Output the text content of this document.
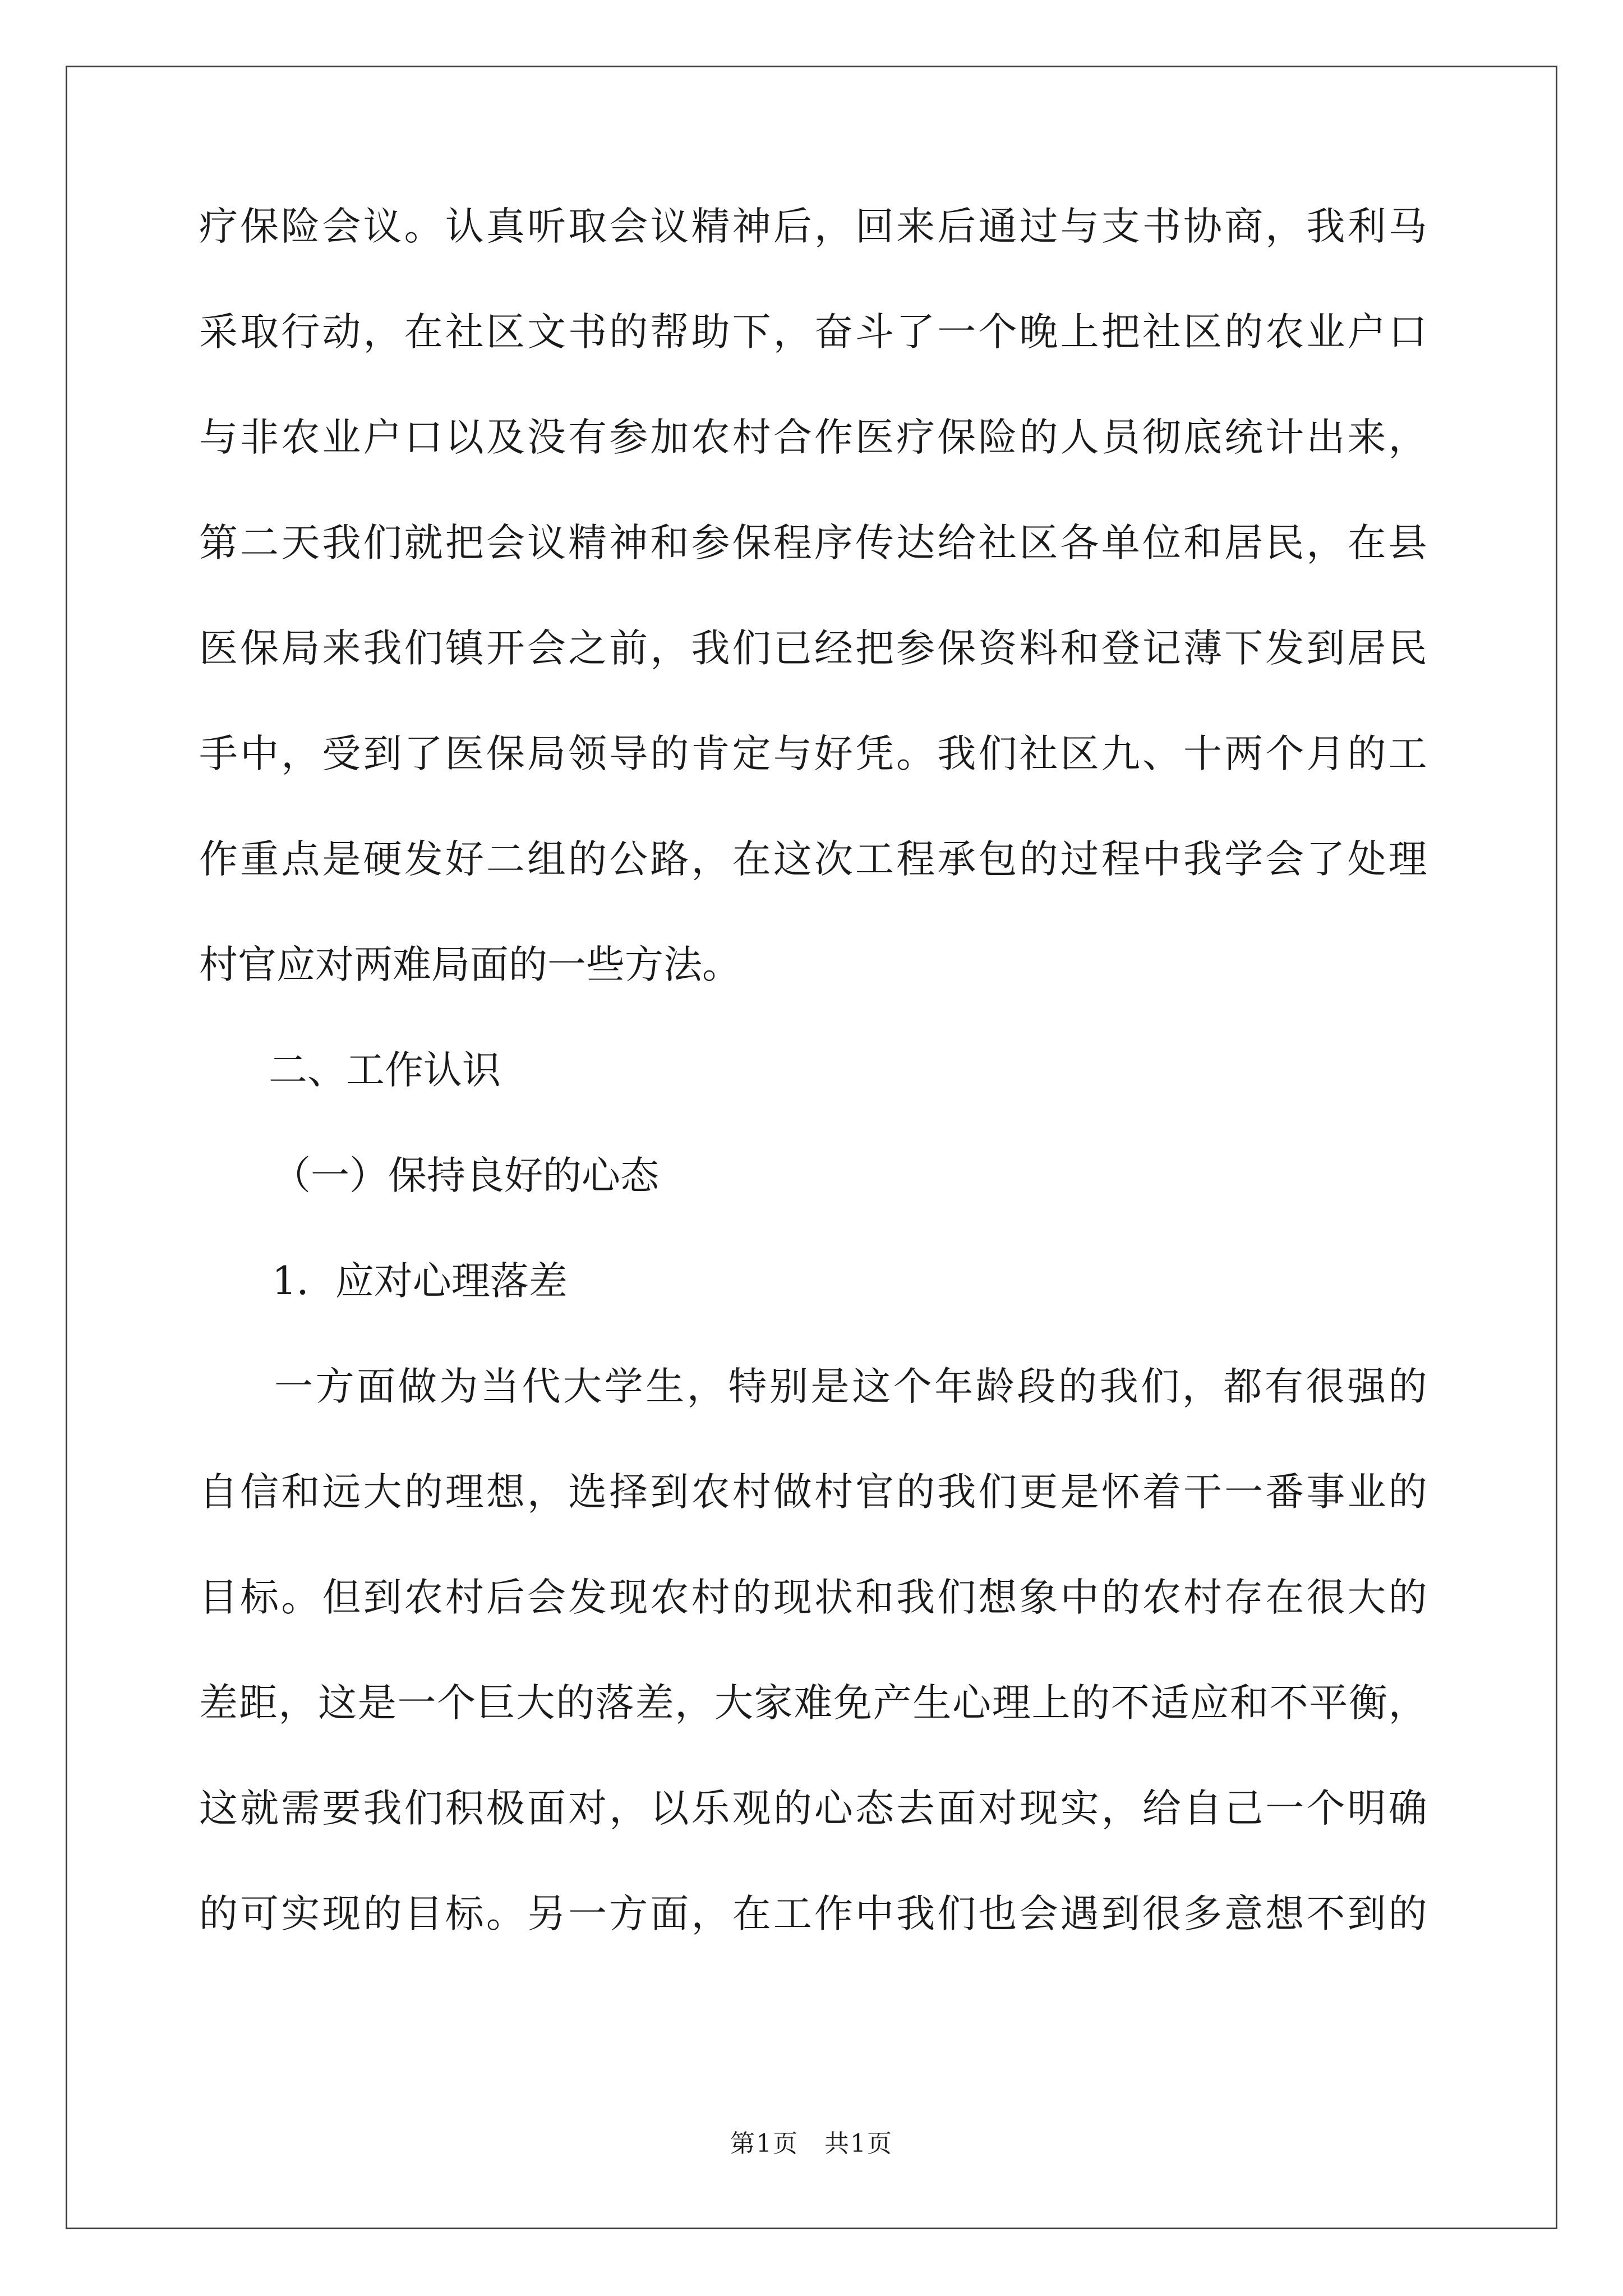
疗 保 险 会 议 。 认 真 听 取 会 议 精 神 后 ， 回 来 后 通 过 与 支 书 协 商 ， 我 利 马
采 取 行 动 ， 在 社 区 文 书 的 帮 助 下 ， 奋 斗 了 一 个 晚 上 把 社 区 的 农 业 户 口
与 非 农 业 户 口 以 及 没 有 参 加 农 村 合 作 医 疗 保 险 的 人 员 彻 底 统 计 出 来 ，
第 二 天 我 们 就 把 会 议 精 神 和 参 保 程 序 传 达 给 社 区 各 单 位 和 居 民 ， 在 县
医 保 局 来 我 们 镇 开 会 之 前 ， 我 们 已 经 把 参 保 资 料 和 登 记 薄 下 发 到 居 民
手 中 ， 受 到 了 医 保 局 领 导 的 肯 定 与 好 凭 。 我 们 社 区 九 、 十 两 个 月 的 工
作 重 点 是 硬 发 好 二 组 的 公 路 ， 在 这 次 工 程 承 包 的 过 程 中 我 学 会 了 处 理
村官应对两难局面的一些方法。
二、工作认识
（一）保持良好的心态
1．应对心理落差
一 方 面 做 为 当 代 大 学 生 ， 特 别 是 这 个 年 龄 段 的 我 们 ， 都 有 很 强 的
自 信 和 远 大 的 理 想 ， 选 择 到 农 村 做 村 官 的 我 们 更 是 怀 着 干 一 番 事 业 的
目 标 。 但 到 农 村 后 会 发 现 农 村 的 现 状 和 我 们 想 象 中 的 农 村 存 在 很 大 的
差 距 ， 这 是 一 个 巨 大 的 落 差 ， 大 家 难 免 产 生 心 理 上 的 不 适 应 和 不 平 衡 ，
这 就 需 要 我 们 积 极 面 对 ， 以 乐 观 的 心 态 去 面 对 现 实 ， 给 自 己 一 个 明 确
的 可 实 现 的 目 标 。 另 一 方 面 ， 在 工 作 中 我 们 也 会 遇 到 很 多 意 想 不 到 的
第1页　共1页
